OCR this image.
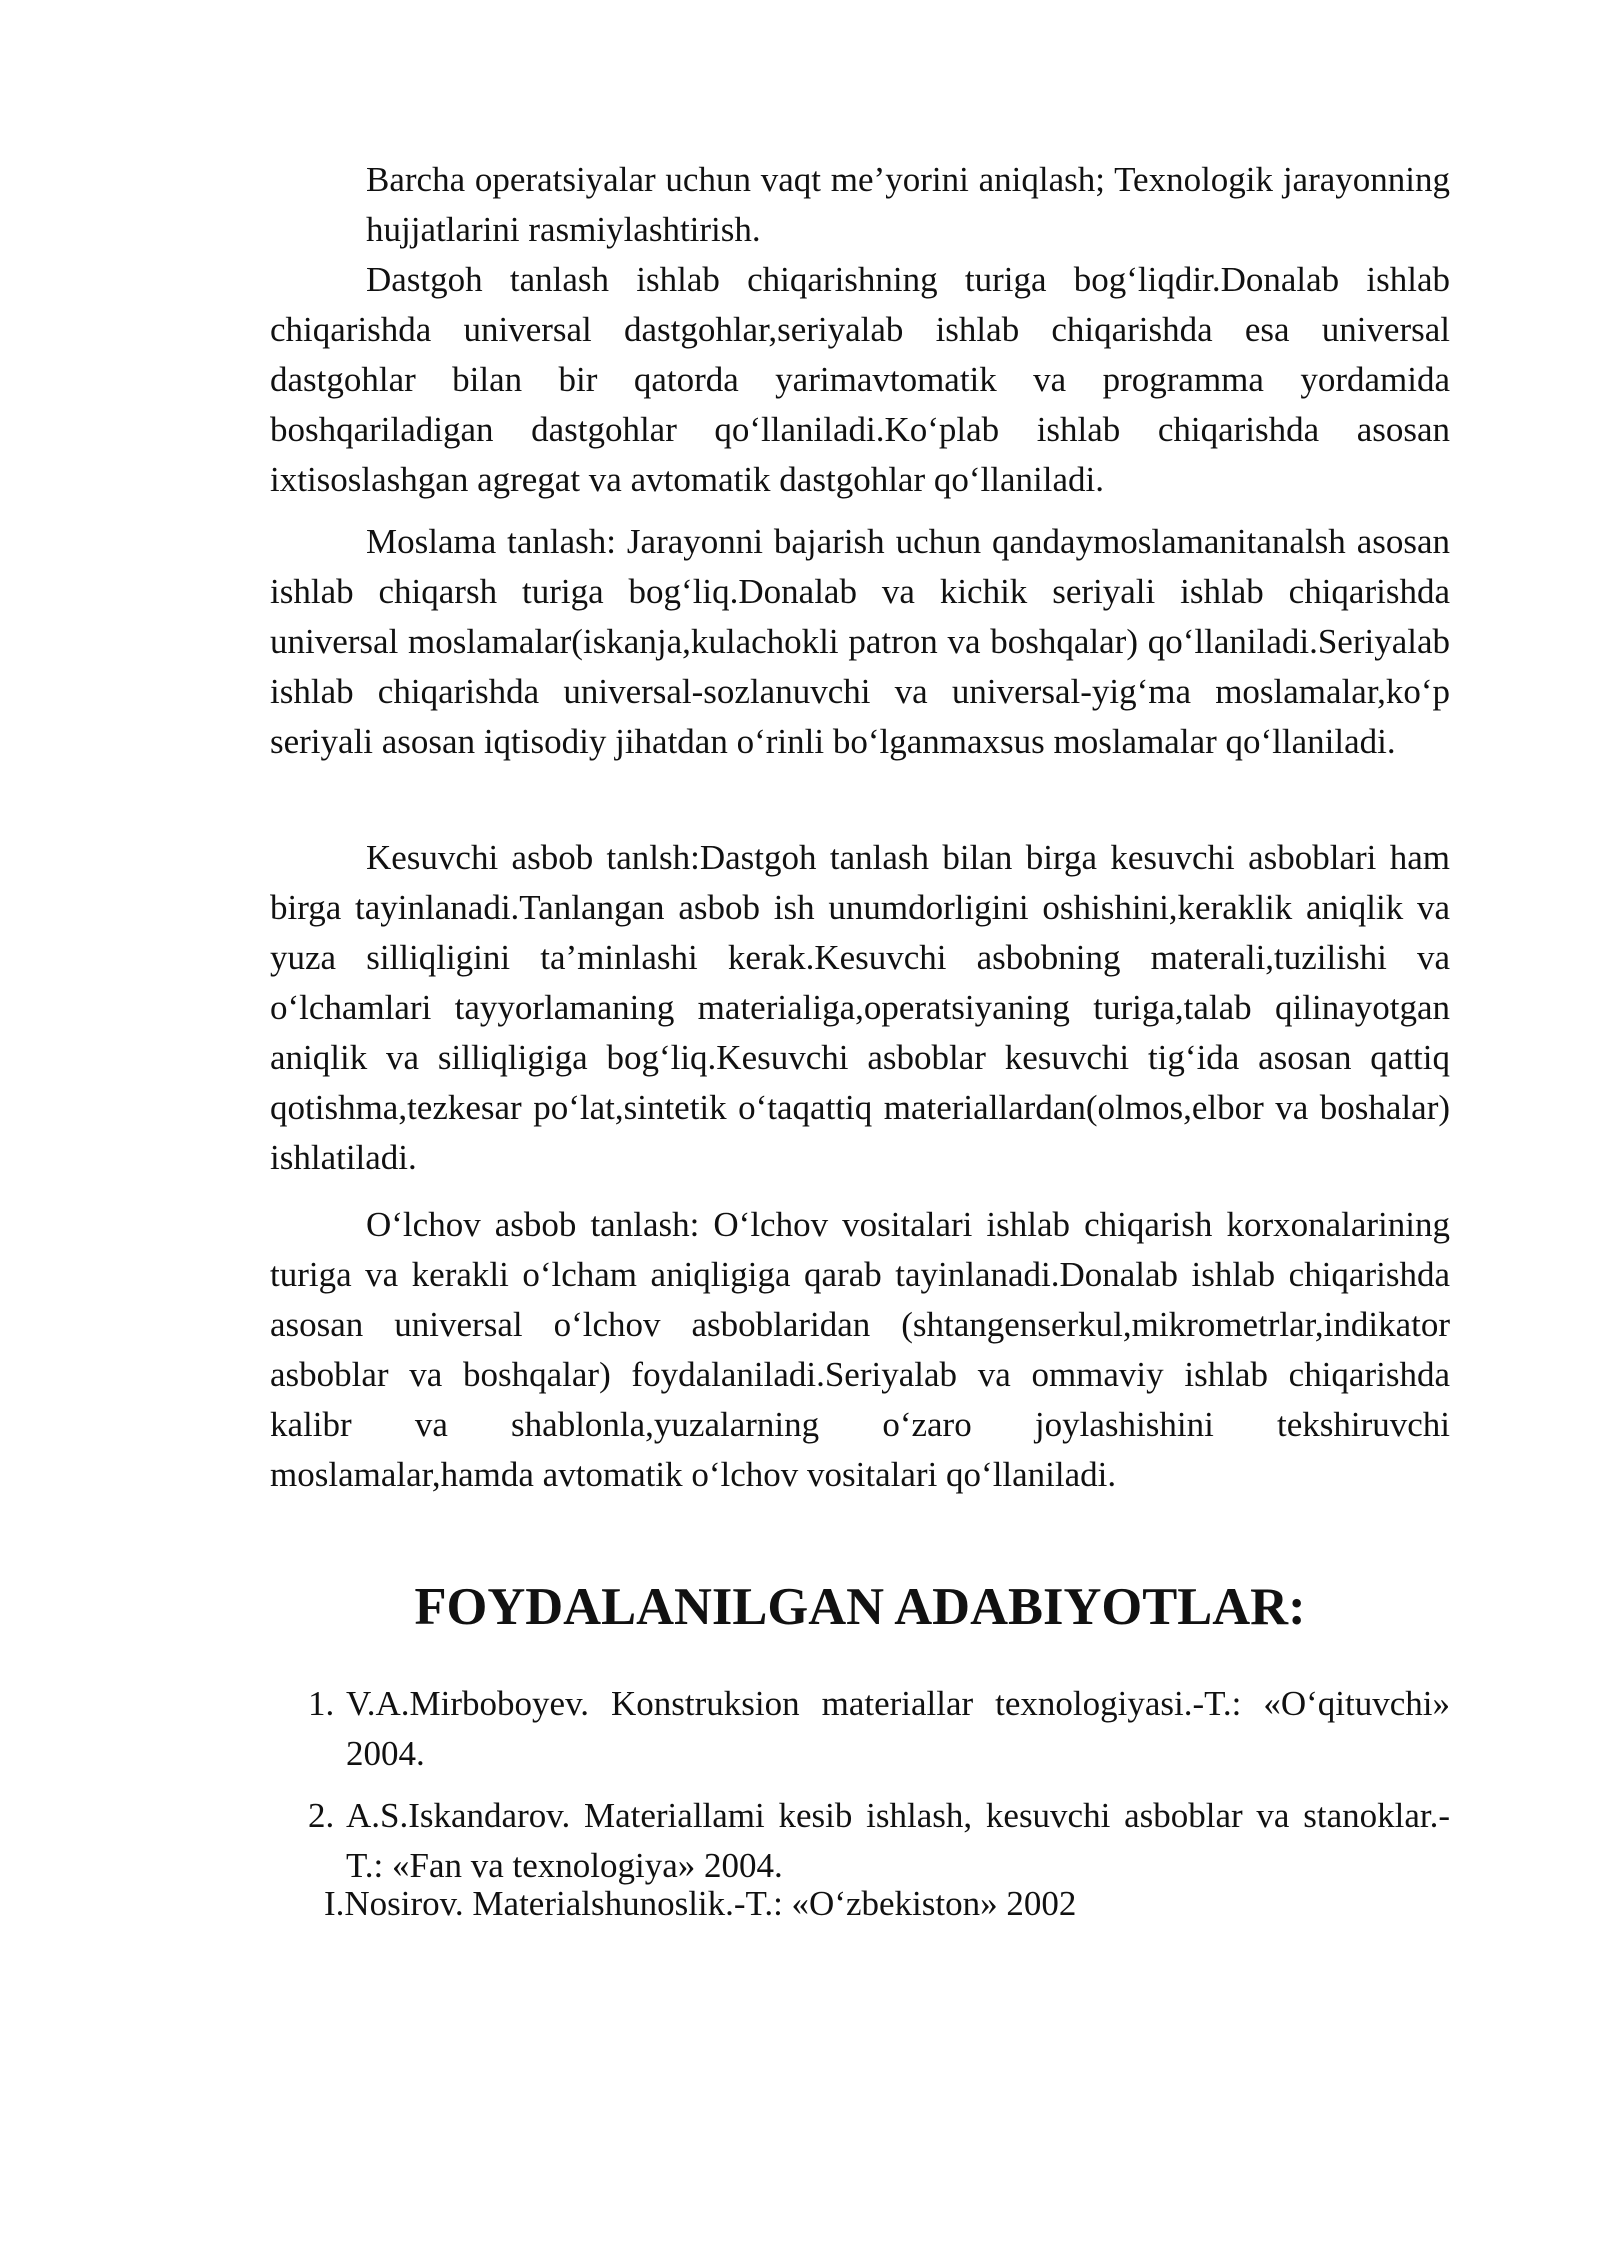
Barcha operatsiyalar uchun vaqt me’yorini aniqlash; Texnologik jarayonning hujjatlarini rasmiylashtirish.

Dastgoh tanlash ishlab chiqarishning turiga bog‘liqdir.Donalab ishlab chiqarishda universal dastgohlar,seriyalab ishlab chiqarishda esa universal dastgohlar bilan bir qatorda yarimavtomatik va programma yordamida boshqariladigan dastgohlar qo‘llaniladi.Ko‘plab ishlab chiqarishda asosan ixtisoslashgan agregat va avtomatik dastgohlar qo‘llaniladi.

Moslama tanlash: Jarayonni bajarish uchun qandaymoslamanitanalsh asosan ishlab chiqarsh turiga bog‘liq.Donalab va kichik seriyali ishlab chiqarishda universal moslamalar(iskanja,kulachokli patron va boshqalar) qo‘llaniladi.Seriyalab ishlab chiqarishda universal-sozlanuvchi va universal-yig‘ma moslamalar,ko‘p seriyali asosan iqtisodiy jihatdan o‘rinli bo‘lganmaxsus moslamalar qo‘llaniladi.

Kesuvchi asbob tanlsh:Dastgoh tanlash bilan birga kesuvchi asboblari ham birga tayinlanadi.Tanlangan asbob ish unumdorligini oshishini,keraklik aniqlik va yuza silliqligini ta’minlashi kerak.Kesuvchi asbobning materali,tuzilishi va o‘lchamlari tayyorlamaning materialiga,operatsiyaning turiga,talab qilinayotgan aniqlik va silliqligiga bog‘liq.Kesuvchi asboblar kesuvchi tig‘ida asosan qattiq qotishma,tezkesar po‘lat,sintetik o‘taqattiq materiallardan(olmos,elbor va boshalar) ishlatiladi.

O‘lchov asbob tanlash: O‘lchov vositalari ishlab chiqarish korxonalarining turiga va kerakli o‘lcham aniqligiga qarab tayinlanadi.Donalab ishlab chiqarishda asosan universal o‘lchov asboblaridan (shtangenserkul,mikrometrlar,indikator asboblar va boshqalar) foydalaniladi.Seriyalab va ommaviy ishlab chiqarishda kalibr va shablonla,yuzalarning o‘zaro joylashishini tekshiruvchi moslamalar,hamda avtomatik o‘lchov vositalari qo‘llaniladi.

FOYDALANILGAN ADABIYOTLAR:
1. V.A.Mirboboyev. Konstruksion materiallar texnologiyasi.-T.: «O‘qituvchi» 2004.
2. A.S.Iskandarov. Materiallami kesib ishlash, kesuvchi asboblar va stanoklar.- T.: «Fan va texnologiya» 2004.

I.Nosirov. Materialshunoslik.-T.: «O‘zbekiston» 2002
